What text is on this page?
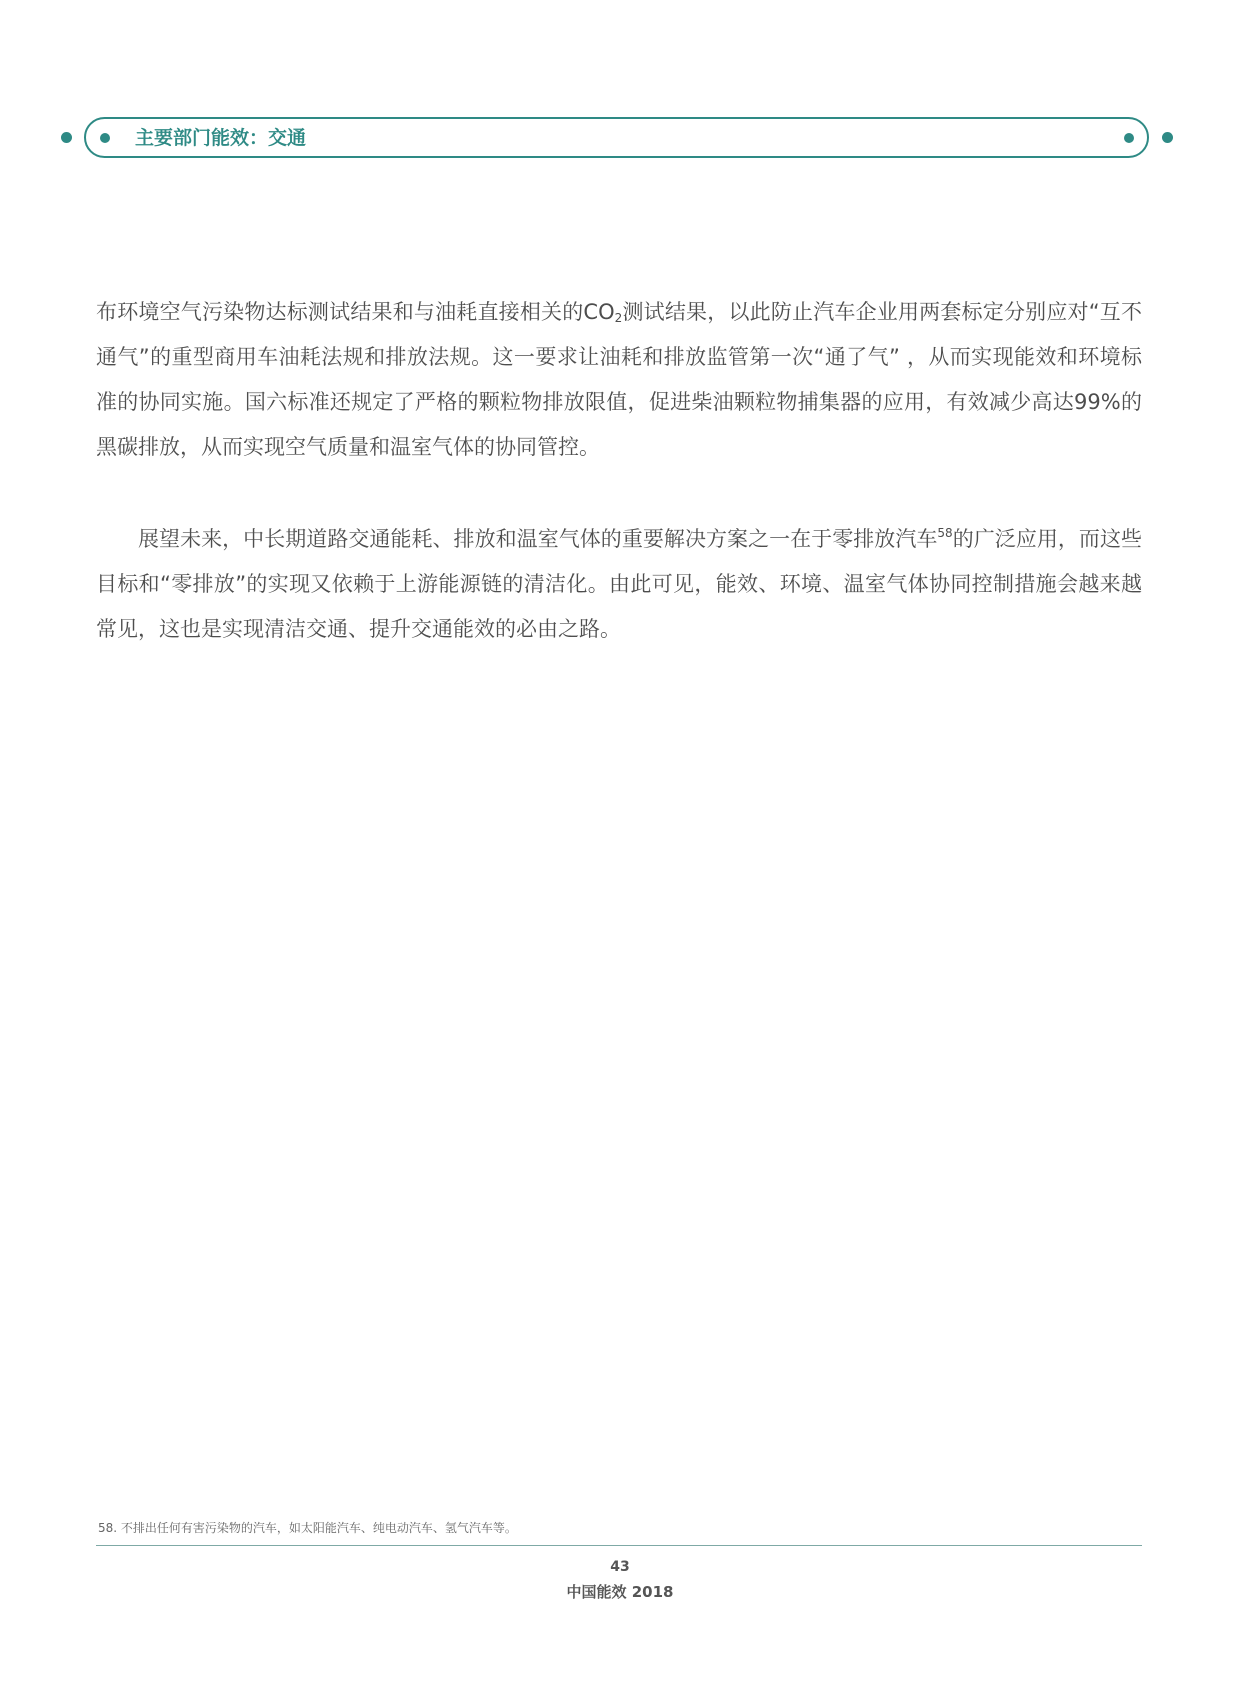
主要部门能效：交通

布环境空气污染物达标测试结果和与油耗直接相关的$CO_2$测试结果，以此防止汽车企业用两套标定分别应对“互不通气”的重型商用车油耗法规和排放法规。这一要求让油耗和排放监管第一次“通了气” ，从而实现能效和环境标准的协同实施。国六标准还规定了严格的颗粒物排放限值，促进柴油颗粒物捕集器的应用，有效减少高达99%的黑碳排放，从而实现空气质量和温室气体的协同管控。

展望未来，中长期道路交通能耗、排放和温室气体的重要解决方案之一在于零排放汽车$^{58}$的广泛应用，而这些目标和“零排放”的实现又依赖于上游能源链的清洁化。由此可见，能效、环境、温室气体协同控制措施会越来越常见，这也是实现清洁交通、提升交通能效的必由之路。

58. 不排出任何有害污染物的汽车，如太阳能汽车、纯电动汽车、氢气汽车等。
43
中国能效 2018
